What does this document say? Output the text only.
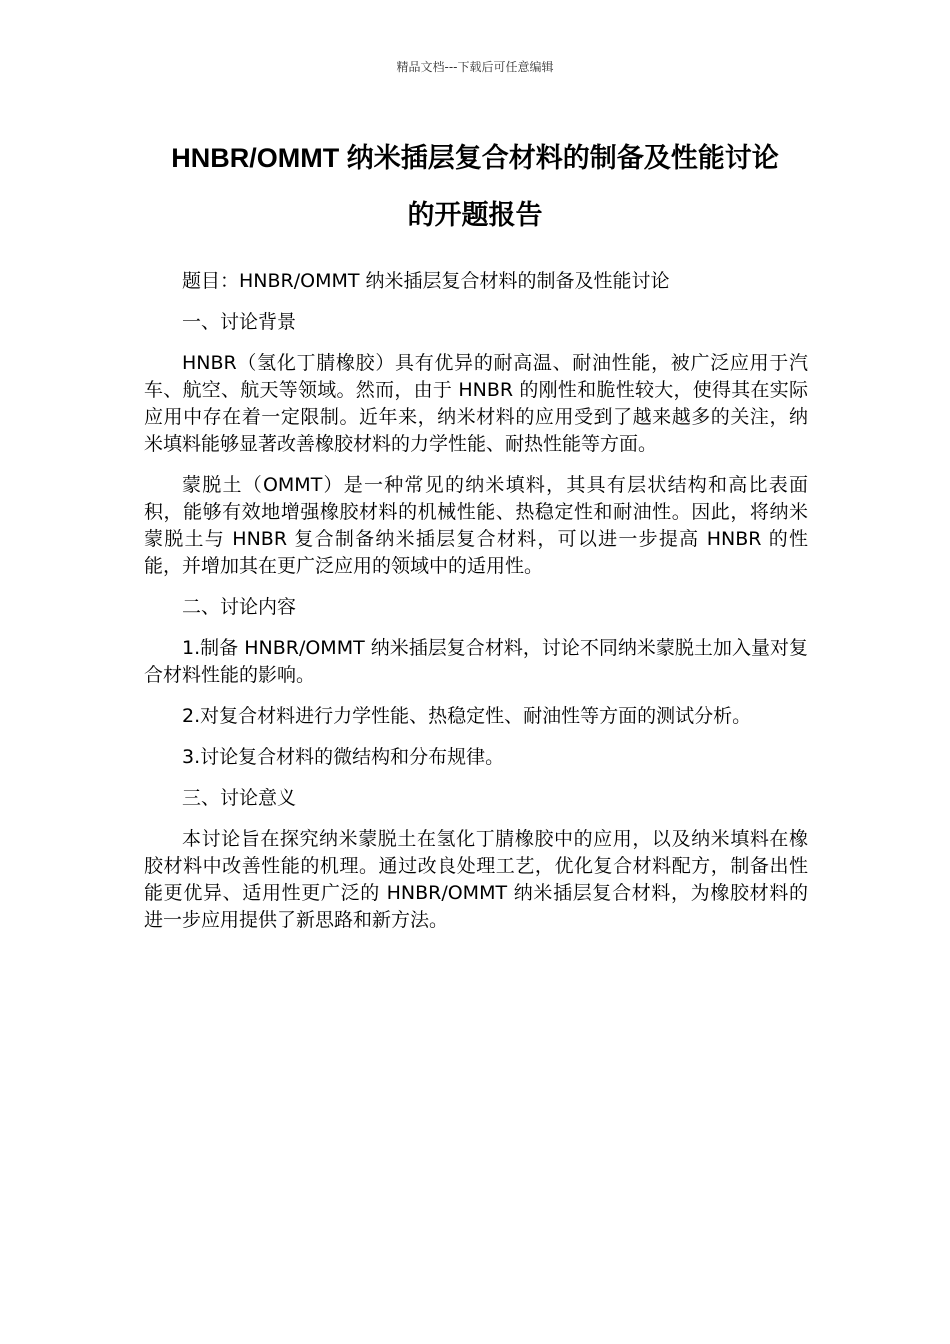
精品文档---下载后可任意编辑
HNBR/OMMT 纳米插层复合材料的制备及性能讨论
的开题报告

题目：HNBR/OMMT 纳米插层复合材料的制备及性能讨论

一、讨论背景

HNBR（氢化丁腈橡胶）具有优异的耐高温、耐油性能，被广泛应用于汽车、航空、航天等领域。然而，由于 HNBR 的刚性和脆性较大，使得其在实际应用中存在着一定限制。近年来，纳米材料的应用受到了越来越多的关注，纳米填料能够显著改善橡胶材料的力学性能、耐热性能等方面。

蒙脱土（OMMT）是一种常见的纳米填料，其具有层状结构和高比表面积，能够有效地增强橡胶材料的机械性能、热稳定性和耐油性。因此，将纳米蒙脱土与 HNBR 复合制备纳米插层复合材料，可以进一步提高 HNBR 的性能，并增加其在更广泛应用的领域中的适用性。

二、讨论内容

1.制备 HNBR/OMMT 纳米插层复合材料，讨论不同纳米蒙脱土加入量对复合材料性能的影响。

2.对复合材料进行力学性能、热稳定性、耐油性等方面的测试分析。

3.讨论复合材料的微结构和分布规律。

三、讨论意义

本讨论旨在探究纳米蒙脱土在氢化丁腈橡胶中的应用，以及纳米填料在橡胶材料中改善性能的机理。通过改良处理工艺，优化复合材料配方，制备出性能更优异、适用性更广泛的 HNBR/OMMT 纳米插层复合材料，为橡胶材料的进一步应用提供了新思路和新方法。
